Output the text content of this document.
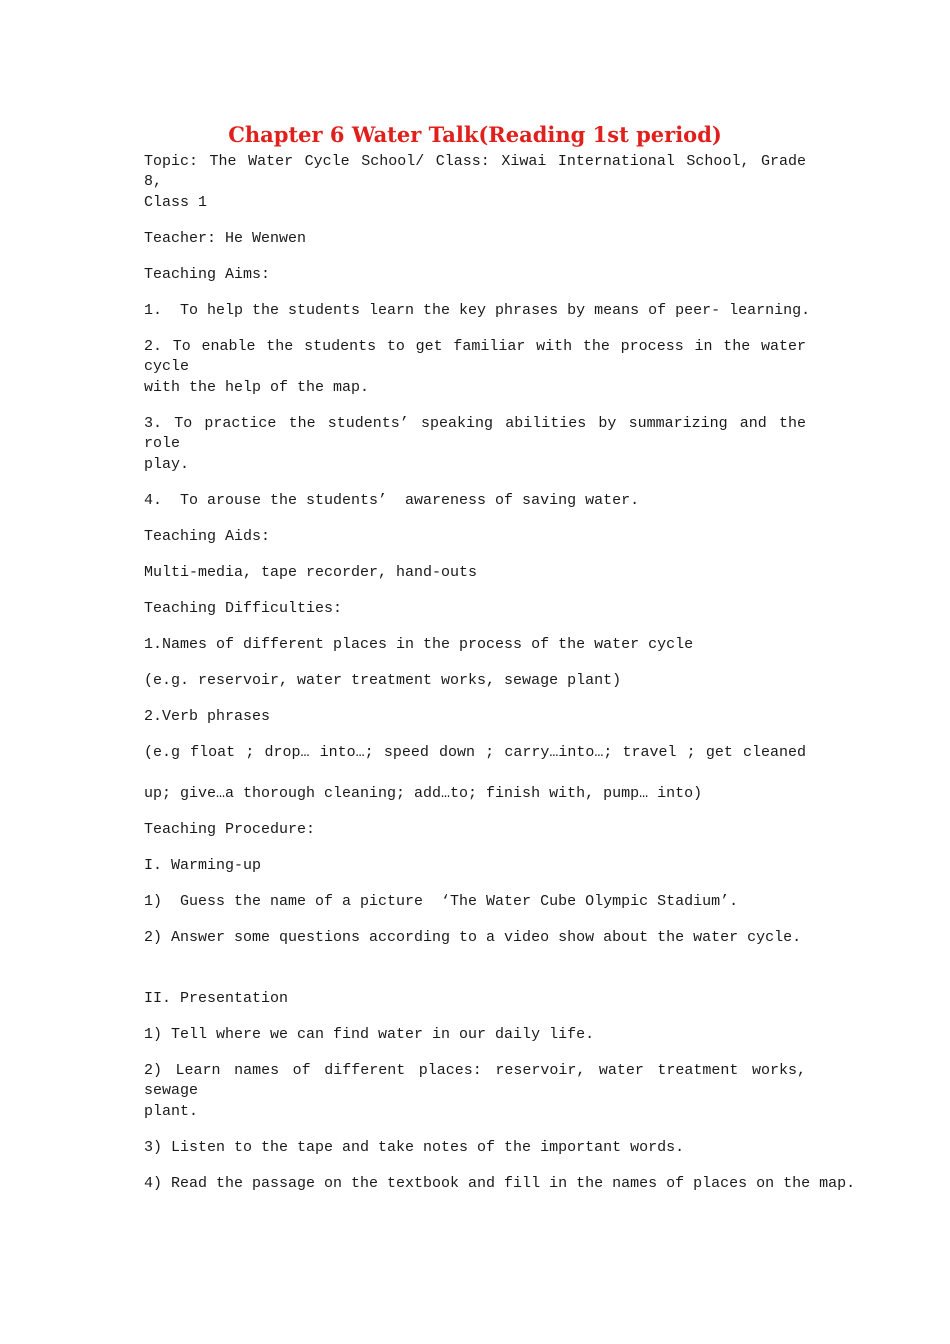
Chapter 6 Water Talk(Reading 1st period)
Topic: The Water Cycle School/ Class: Xiwai International School, Grade 8,
Class 1
Teacher: He Wenwen
Teaching Aims:
1.  To help the students learn the key phrases by means of peer- learning.
2. To enable the students to get familiar with the process in the water cycle
with the help of the map.
3. To practice the students’ speaking abilities by summarizing and the role
play.
4.  To arouse the students’  awareness of saving water.
Teaching Aids:
Multi-media, tape recorder, hand-outs
Teaching Difficulties:
1.Names of different places in the process of the water cycle
(e.g. reservoir, water treatment works, sewage plant)
2.Verb phrases
(e.g float ; drop… into…; speed down ; carry…into…; travel ; get cleaned
up; give…a thorough cleaning; add…to; finish with, pump… into)
Teaching Procedure:
I. Warming-up
1)  Guess the name of a picture  ‘The Water Cube Olympic Stadium’.
2) Answer some questions according to a video show about the water cycle.
II. Presentation
1) Tell where we can find water in our daily life.
2) Learn names of different places: reservoir, water treatment works, sewage
plant.
3) Listen to the tape and take notes of the important words.
4) Read the passage on the textbook and fill in the names of places on the map.
